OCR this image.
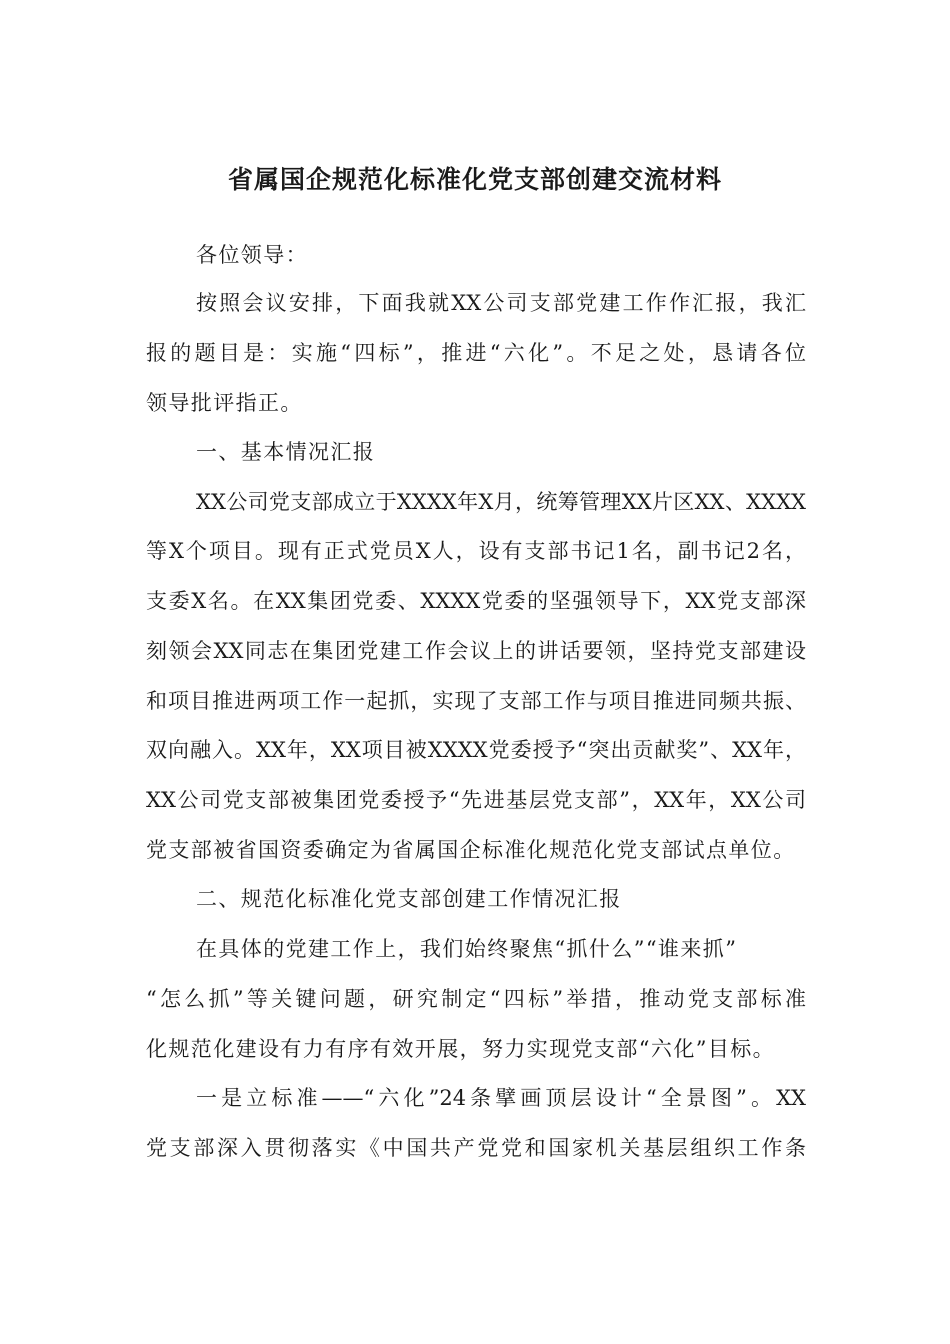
省属国企规范化标准化党支部创建交流材料

各位领导：

按照会议安排，下面我就XX公司支部党建工作作汇报，我汇

报的题目是：实施“四标”，推进“六化”。不足之处，恳请各位

领导批评指正。

一、基本情况汇报

XX公司党支部成立于XXXX年X月，统筹管理XX片区XX、XXXX

等X个项目。现有正式党员X人，设有支部书记1名，副书记2名，

支委X名。在XX集团党委、XXXX党委的坚强领导下，XX党支部深

刻领会XX同志在集团党建工作会议上的讲话要领，坚持党支部建设

和项目推进两项工作一起抓，实现了支部工作与项目推进同频共振、

双向融入。XX年，XX项目被XXXX党委授予“突出贡献奖”、XX年，

XX公司党支部被集团党委授予“先进基层党支部”，XX年，XX公司

党支部被省国资委确定为省属国企标准化规范化党支部试点单位。

二、规范化标准化党支部创建工作情况汇报

在具体的党建工作上，我们始终聚焦“抓什么”“谁来抓”

“怎么抓”等关键问题，研究制定“四标”举措，推动党支部标准

化规范化建设有力有序有效开展，努力实现党支部“六化”目标。

一是立标准——“六化”24条擘画顶层设计“全景图”。XX

党支部深入贯彻落实《中国共产党党和国家机关基层组织工作条
